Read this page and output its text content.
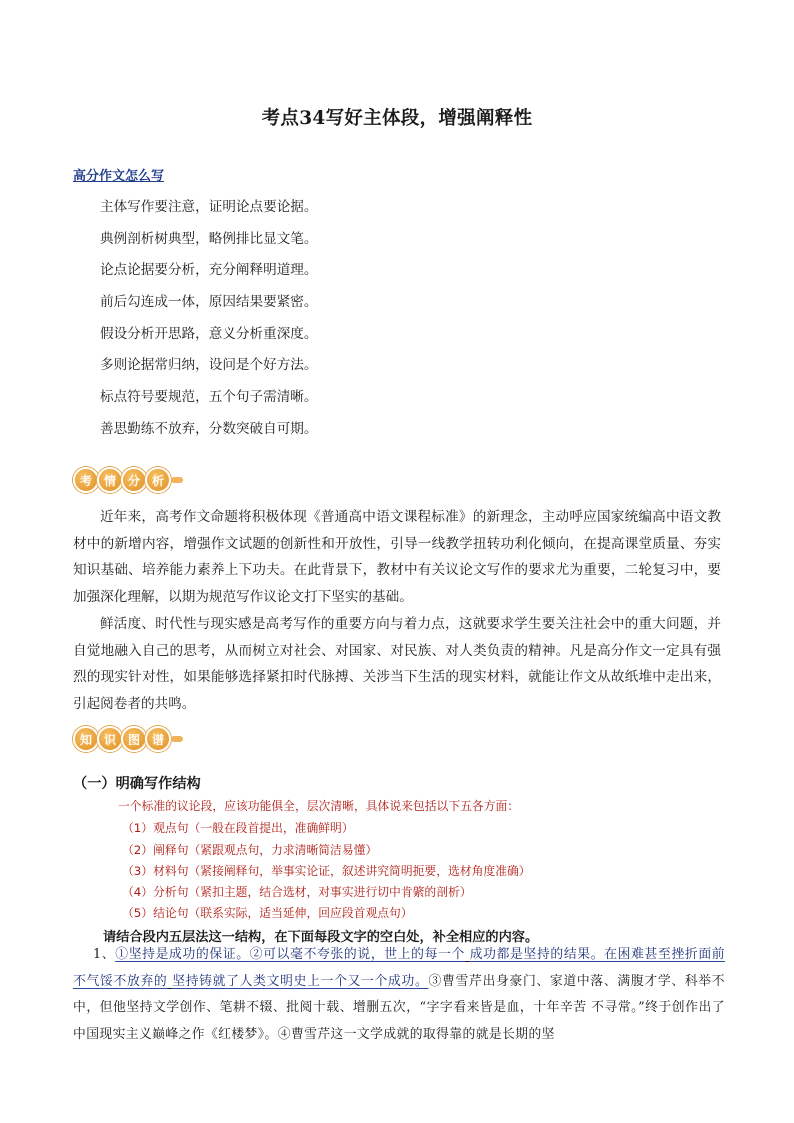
考点34写好主体段，增强阐释性
高分作文怎么写
主体写作要注意，证明论点要论据。
典例剖析树典型，略例排比显文笔。
论点论据要分析，充分阐释明道理。
前后勾连成一体，原因结果要紧密。
假设分析开思路，意义分析重深度。
多则论据常归纳，设问是个好方法。
标点符号要规范，五个句子需清晰。
善思勤练不放弃，分数突破自可期。
考 情 分 析
近年来，高考作文命题将积极体现《普通高中语文课程标准》的新理念，主动呼应国家统编高中语文教材中的新增内容，增强作文试题的创新性和开放性，引导一线教学扭转功利化倾向，在提高课堂质量、夯实知识基础、培养能力素养上下功夫。在此背景下，教材中有关议论文写作的要求尤为重要，二轮复习中，要加强深化理解，以期为规范写作议论文打下坚实的基础。
鲜活度、时代性与现实感是高考写作的重要方向与着力点，这就要求学生要关注社会中的重大问题，并自觉地融入自己的思考，从而树立对社会、对国家、对民族、对人类负责的精神。凡是高分作文一定具有强烈的现实针对性，如果能够选择紧扣时代脉搏、关涉当下生活的现实材料，就能让作文从故纸堆中走出来，引起阅卷者的共鸣。
知 识 图 谱
（一）明确写作结构
一个标准的议论段，应该功能俱全，层次清晰，具体说来包括以下五各方面：
（1）观点句（一般在段首提出，准确鲜明）
（2）阐释句（紧跟观点句，力求清晰简洁易懂）
（3）材料句（紧接阐释句，举事实论证，叙述讲究简明扼要，选材角度准确）
（4）分析句（紧扣主题，结合选材，对事实进行切中肯綮的剖析）
（5）结论句（联系实际，适当延伸，回应段首观点句）
请结合段内五层法这一结构，在下面每段文字的空白处，补全相应的内容。
1、①坚持是成功的保证。②可以毫不夸张的说，世上的每一个 成功都是坚持的结果。在困难甚至挫折面前不气馁不放弃的 坚持铸就了人类文明史上一个又一个成功。③曹雪芹出身豪门、家道中落、满腹才学、科举不中，但他坚持文学创作、笔耕不辍、批阅十载、增删五次，“字字看来皆是血，十年辛苦 不寻常。”终于创作出了中国现实主义巅峰之作《红楼梦》。④曹雪芹这一文学成就的取得靠的就是长期的坚
